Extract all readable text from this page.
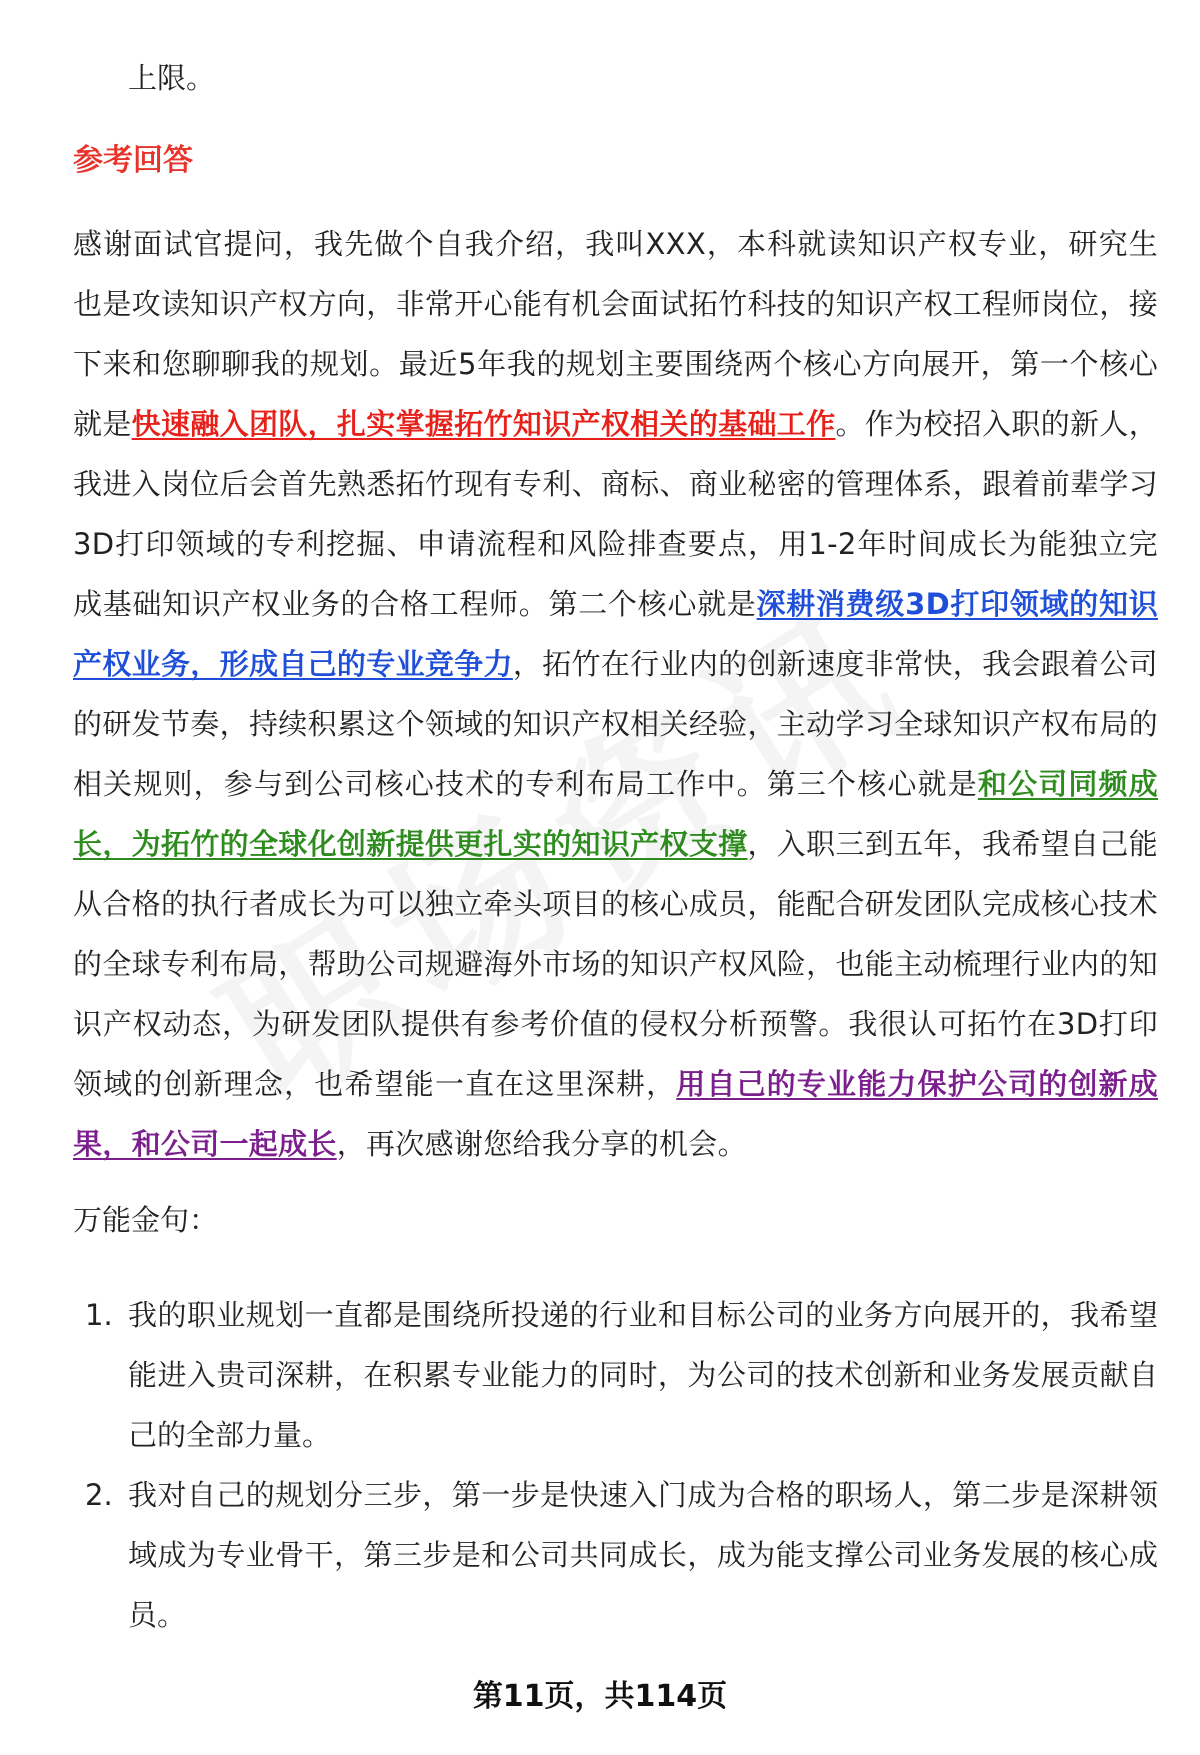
上限。
参考回答
感谢面试官提问，我先做个自我介绍，我叫XXX，本科就读知识产权专业，研究生也是攻读知识产权方向，非常开心能有机会面试拓竹科技的知识产权工程师岗位，接下来和您聊聊我的规划。最近5年我的规划主要围绕两个核心方向展开，第一个核心就是快速融入团队，扎实掌握拓竹知识产权相关的基础工作。作为校招入职的新人，我进入岗位后会首先熟悉拓竹现有专利、商标、商业秘密的管理体系，跟着前辈学习3D打印领域的专利挖掘、申请流程和风险排查要点，用1-2年时间成长为能独立完成基础知识产权业务的合格工程师。第二个核心就是深耕消费级3D打印领域的知识产权业务，形成自己的专业竞争力，拓竹在行业内的创新速度非常快，我会跟着公司的研发节奏，持续积累这个领域的知识产权相关经验，主动学习全球知识产权布局的相关规则，参与到公司核心技术的专利布局工作中。第三个核心就是和公司同频成长，为拓竹的全球化创新提供更扎实的知识产权支撑，入职三到五年，我希望自己能从合格的执行者成长为可以独立牵头项目的核心成员，能配合研发团队完成核心技术的全球专利布局，帮助公司规避海外市场的知识产权风险，也能主动梳理行业内的知识产权动态，为研发团队提供有参考价值的侵权分析预警。我很认可拓竹在3D打印领域的创新理念，也希望能一直在这里深耕，用自己的专业能力保护公司的创新成果，和公司一起成长，再次感谢您给我分享的机会。
万能金句：
1. 我的职业规划一直都是围绕所投递的行业和目标公司的业务方向展开的，我希望能进入贵司深耕，在积累专业能力的同时，为公司的技术创新和业务发展贡献自己的全部力量。
2. 我对自己的规划分三步，第一步是快速入门成为合格的职场人，第二步是深耕领域成为专业骨干，第三步是和公司共同成长，成为能支撑公司业务发展的核心成员。
第11页，共114页
